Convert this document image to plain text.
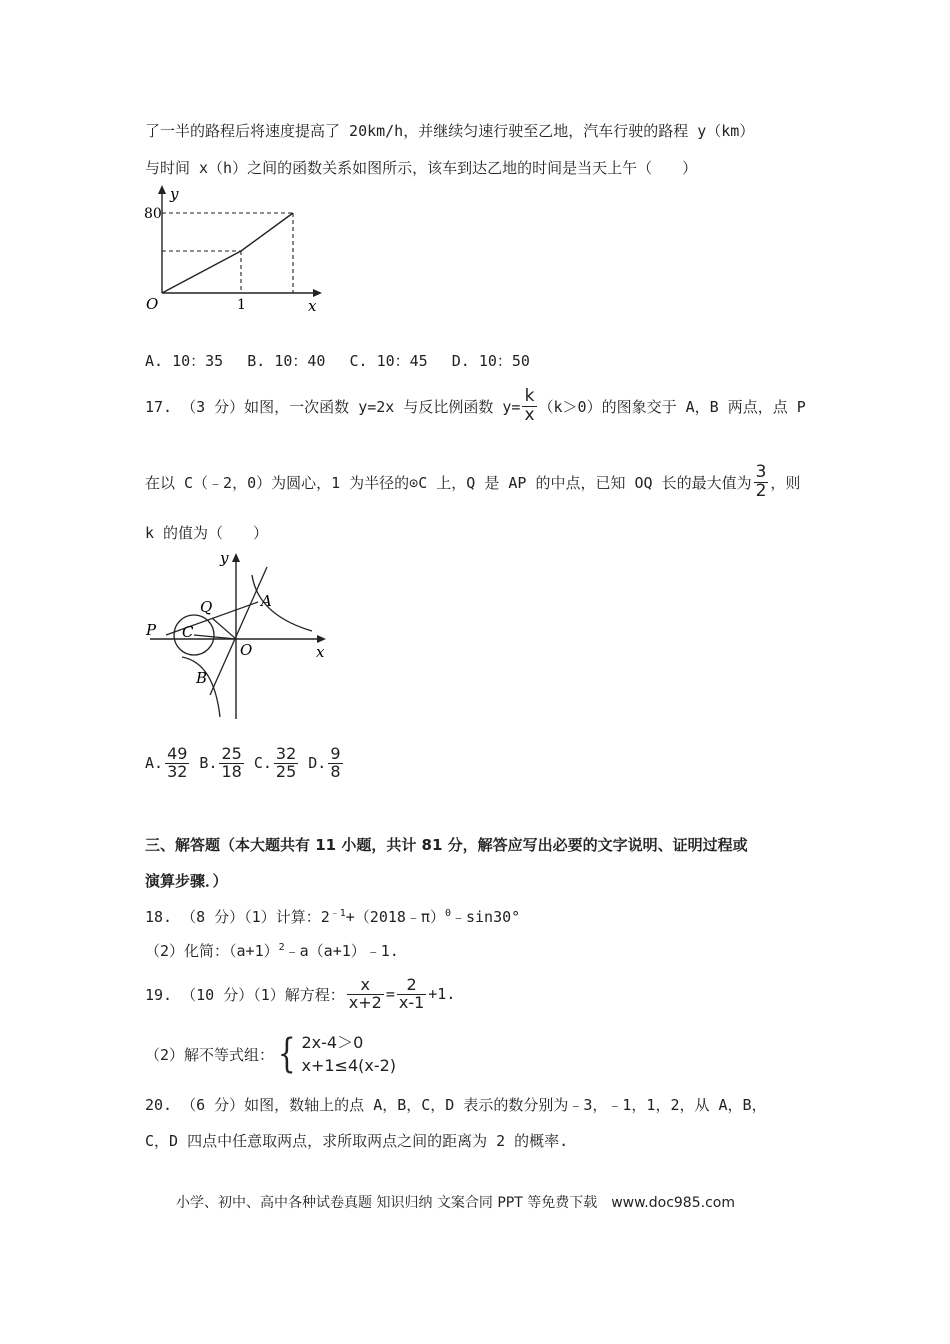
了一半的路程后将速度提高了 20km/h，并继续匀速行驶至乙地，汽车行驶的路程 y（km）
与时间 x（h）之间的函数关系如图所示，该车到达乙地的时间是当天上午（　　）
y
80
O	1	x
A. 10：35　 B. 10：40　 C. 10：45　 D. 10：50
17. （3 分）如图，一次函数 y=2x 与反比例函数 $y= \frac{k}{x} (k>0)$的图象交于 A，B 两点，点 P
在以 C（﹣2，0）为圆心，1 为半径的⊙C 上，Q 是 AP 的中点，已知 OQ 长的最大值为 $\frac{3}{2}$ ，则
k 的值为（　　）
y
x
O
P C
Q	A
B
A. $\frac{49}{32} B$. $\frac{25}{18} C$. $\frac{32}{25} D$. $\frac{9}{8}$
三、解答题（本大题共有 11 小题，共计 81 分，解答应写出必要的文字说明、证明过程或
演算步骤．）
18. （8 分）（1）计算：$2^{﹣1}+(2018﹣\pi)^0﹣\sin 30^\circ$
（2）化简：$(a+1)^2﹣a(a+1)﹣1$.
19. （10 分）（1）解方程： $\frac{x}{x+2} = \frac{2}{x-1} +1$.
（2）解不等式组： { 2x-4＞0
x+1≤4(x-2)
20. （6 分）如图，数轴上的点 A，B，C，D 表示的数分别为﹣3，﹣1，1，2，从 A，B，
C，D 四点中任意取两点，求所取两点之间的距离为 2 的概率.
小学、初中、高中各种试卷真题 知识归纳 文案合同 PPT 等免费下载　www.doc985.com
